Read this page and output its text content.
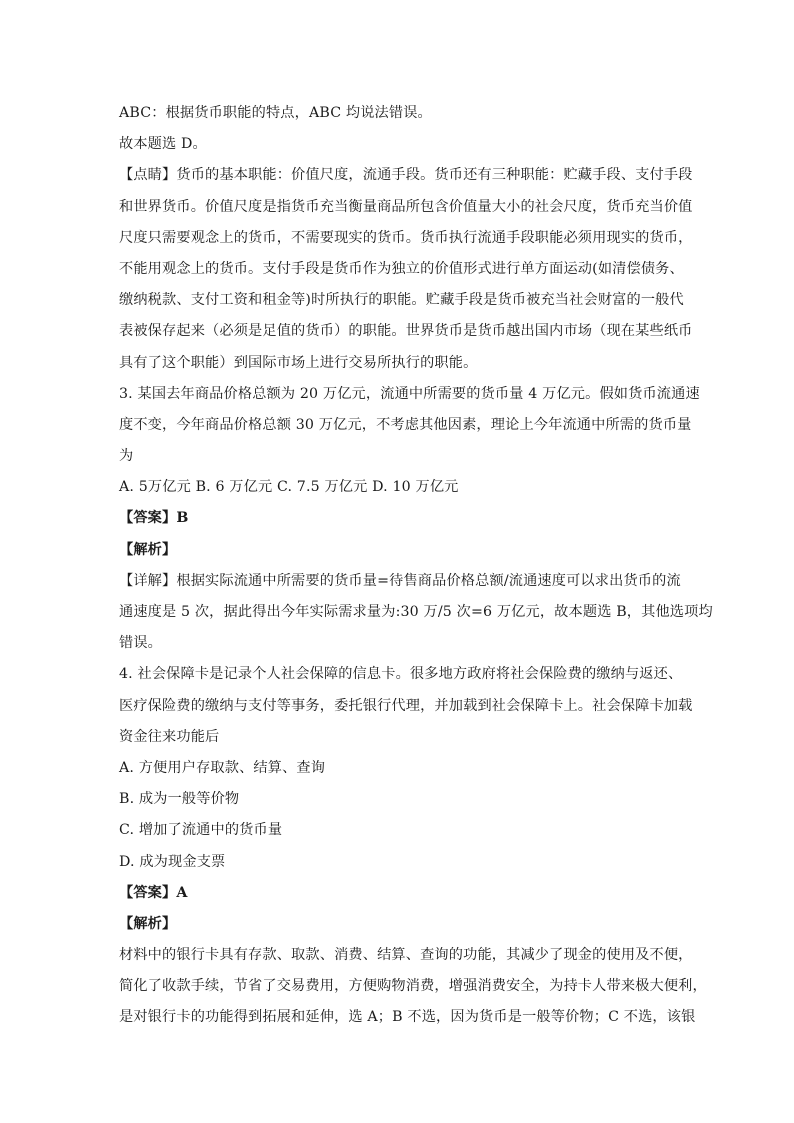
ABC：根据货币职能的特点，ABC 均说法错误。
故本题选 D。
【点睛】货币的基本职能：价值尺度，流通手段。货币还有三种职能：贮藏手段、支付手段
和世界货币。价值尺度是指货币充当衡量商品所包含价值量大小的社会尺度，货币充当价值
尺度只需要观念上的货币，不需要现实的货币。货币执行流通手段职能必须用现实的货币，
不能用观念上的货币。支付手段是货币作为独立的价值形式进行单方面运动(如清偿债务、
缴纳税款、支付工资和租金等)时所执行的职能。贮藏手段是货币被充当社会财富的一般代
表被保存起来（必须是足值的货币）的职能。世界货币是货币越出国内市场（现在某些纸币
具有了这个职能）到国际市场上进行交易所执行的职能。
3. 某国去年商品价格总额为 20 万亿元，流通中所需要的货币量 4 万亿元。假如货币流通速
度不变，今年商品价格总额 30 万亿元，不考虑其他因素，理论上今年流通中所需的货币量
为
A. 5万亿元 B. 6 万亿元 C. 7.5 万亿元 D. 10 万亿元
【答案】B
【解析】
【详解】根据实际流通中所需要的货币量=待售商品价格总额/流通速度可以求出货币的流
通速度是 5 次，据此得出今年实际需求量为:30 万/5 次=6 万亿元，故本题选 B，其他选项均
错误。
4. 社会保障卡是记录个人社会保障的信息卡。很多地方政府将社会保险费的缴纳与返还、
医疗保险费的缴纳与支付等事务，委托银行代理，并加载到社会保障卡上。社会保障卡加载
资金往来功能后
A. 方便用户存取款、结算、查询
B. 成为一般等价物
C. 增加了流通中的货币量
D. 成为现金支票
【答案】A
【解析】
材料中的银行卡具有存款、取款、消费、结算、查询的功能，其减少了现金的使用及不便，
简化了收款手续，节省了交易费用，方便购物消费，增强消费安全，为持卡人带来极大便利，
是对银行卡的功能得到拓展和延伸，选 A；B 不选，因为货币是一般等价物；C 不选，该银
